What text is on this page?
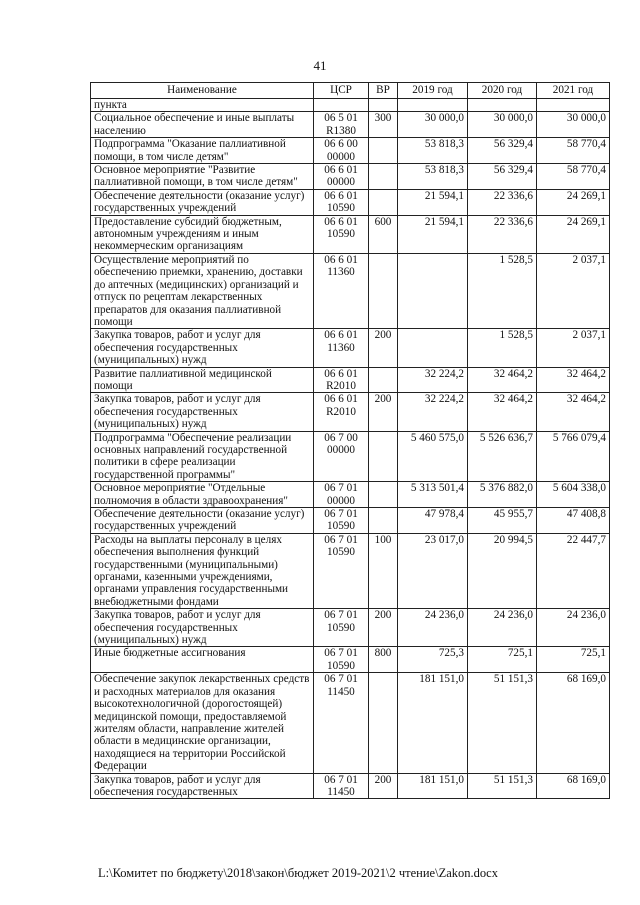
41
Наименование	ЦСР	ВР	2019 год	2020 год	2021 год
пункта					
Социальное обеспечение и иные выплаты населению	06 5 01 R1380	300	30 000,0	30 000,0	30 000,0
Подпрограмма "Оказание паллиативной помощи, в том числе детям"	06 6 00 00000		53 818,3	56 329,4	58 770,4
Основное мероприятие "Развитие паллиативной помощи, в том числе детям"	06 6 01 00000		53 818,3	56 329,4	58 770,4
Обеспечение деятельности (оказание услуг) государственных учреждений	06 6 01 10590		21 594,1	22 336,6	24 269,1
Предоставление субсидий бюджетным, автономным учреждениям и иным некоммерческим организациям	06 6 01 10590	600	21 594,1	22 336,6	24 269,1
Осуществление мероприятий по обеспечению приемки, хранению, доставки до аптечных (медицинских) организаций и отпуск по рецептам лекарственных препаратов для оказания паллиативной помощи	06 6 01 11360			1 528,5	2 037,1
Закупка товаров, работ и услуг для обеспечения государственных (муниципальных) нужд	06 6 01 11360	200		1 528,5	2 037,1
Развитие паллиативной медицинской помощи	06 6 01 R2010		32 224,2	32 464,2	32 464,2
Закупка товаров, работ и услуг для обеспечения государственных (муниципальных) нужд	06 6 01 R2010	200	32 224,2	32 464,2	32 464,2
Подпрограмма "Обеспечение реализации основных направлений государственной политики в сфере реализации государственной программы"	06 7 00 00000		5 460 575,0	5 526 636,7	5 766 079,4
Основное мероприятие "Отдельные полномочия в области здравоохранения"	06 7 01 00000		5 313 501,4	5 376 882,0	5 604 338,0
Обеспечение деятельности (оказание услуг) государственных учреждений	06 7 01 10590		47 978,4	45 955,7	47 408,8
Расходы на выплаты персоналу в целях обеспечения выполнения функций государственными (муниципальными) органами, казенными учреждениями, органами управления государственными внебюджетными фондами	06 7 01 10590	100	23 017,0	20 994,5	22 447,7
Закупка товаров, работ и услуг для обеспечения государственных (муниципальных) нужд	06 7 01 10590	200	24 236,0	24 236,0	24 236,0
Иные бюджетные ассигнования	06 7 01 10590	800	725,3	725,1	725,1
Обеспечение закупок лекарственных средств и расходных материалов для оказания высокотехнологичной (дорогостоящей) медицинской помощи, предоставляемой жителям области, направление жителей области в медицинские организации, находящиеся на территории Российской Федерации	06 7 01 11450		181 151,0	51 151,3	68 169,0
Закупка товаров, работ и услуг для обеспечения государственных	06 7 01 11450	200	181 151,0	51 151,3	68 169,0
L:\Комитет по бюджету\2018\закон\бюджет 2019-2021\2 чтение\Zakon.docx
